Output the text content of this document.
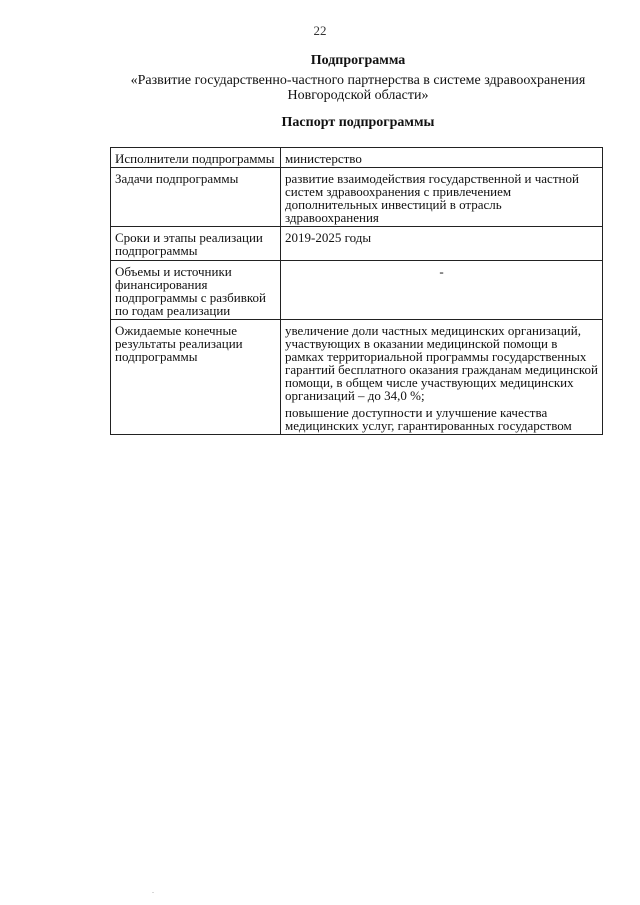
22
Подпрограмма
«Развитие государственно-частного партнерства в системе здравоохранения
Новгородской области»
Паспорт подпрограммы
Исполнители подпрограммы	министерство

Задачи подпрограммы	развитие взаимодействия государственной и частной систем здравоохранения с привлечением дополнительных инвестиций в отрасль здравоохранения

Сроки и этапы реализации подпрограммы	2019-2025 годы

Объемы и источники финансирования подпрограммы с разбивкой по годам реализации	-

Ожидаемые конечные результаты реализации подпрограммы	увеличение доли частных медицинских организаций, участвующих в оказании медицинской помощи в рамках территориальной программы государственных гарантий бесплатного оказания гражданам медицинской помощи, в общем числе участвующих медицинских организаций – до 34,0 %;
повышение доступности и улучшение качества медицинских услуг, гарантированных государством
.
